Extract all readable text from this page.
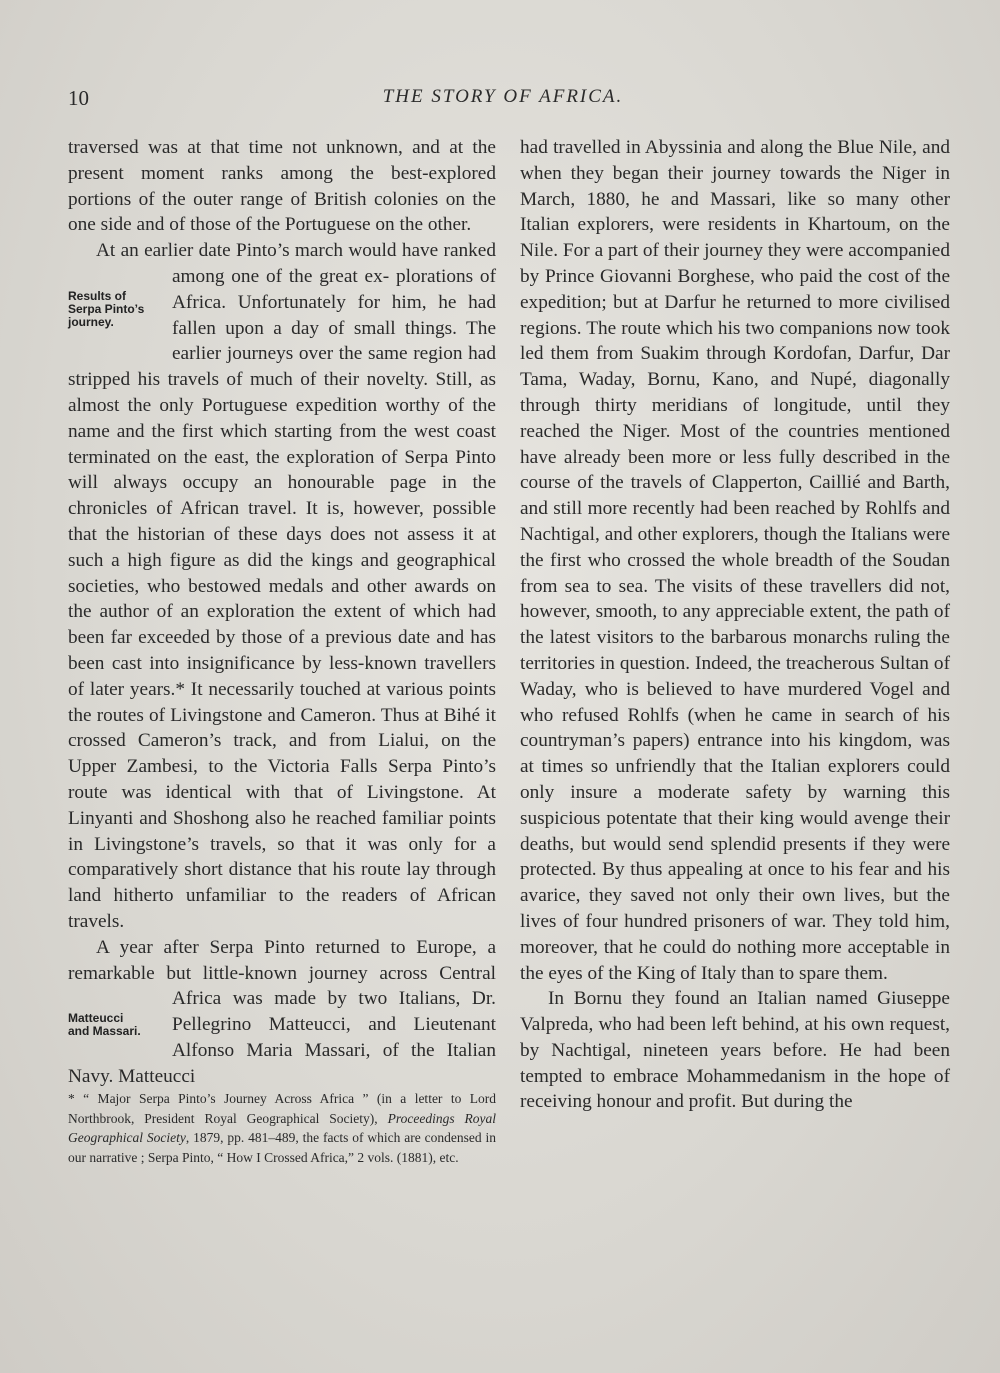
10	THE STORY OF AFRICA.

traversed was at that time not unknown, and at the present moment ranks among the best-explored portions of the outer range of British colonies on the one side and of those of the Portuguese on the other.

At an earlier date Pinto’s march would have ranked among one of the great ex-
Results of
Serpa Pinto’s
journey.
plorations of Africa. Unfortunately for him, he had fallen upon a day of small things. The earlier journeys over the same region had stripped his travels of much of their novelty. Still, as almost the only Portuguese expedition worthy of the name and the first which starting from the west coast terminated on the east, the exploration of Serpa Pinto will always occupy an honourable page in the chronicles of African travel. It is, however, possible that the historian of these days does not assess it at such a high figure as did the kings and geographical societies, who bestowed medals and other awards on the author of an exploration the extent of which had been far exceeded by those of a previous date and has been cast into insignificance by less-known travellers of later years.* It necessarily touched at various points the routes of Livingstone and Cameron. Thus at Bihé it crossed Cameron’s track, and from Lialui, on the Upper Zambesi, to the Victoria Falls Serpa Pinto’s route was identical with that of Livingstone. At Linyanti and Shoshong also he reached familiar points in Livingstone’s travels, so that it was only for a comparatively short distance that his route lay through land hitherto unfamiliar to the readers of African travels.

A year after Serpa Pinto returned to Europe, a remarkable but little-known journey across
Matteucci
and Massari.
Central Africa was made by two Italians, Dr. Pellegrino Matteucci, and Lieutenant Alfonso Maria Massari, of the Italian Navy. Matteucci

* “ Major Serpa Pinto’s Journey Across Africa ” (in a letter to Lord Northbrook, President Royal Geographical Society), Proceedings Royal Geographical Society, 1879, pp. 481–489, the facts of which are condensed in our narrative ; Serpa Pinto, “ How I Crossed Africa,” 2 vols. (1881), etc.

had travelled in Abyssinia and along the Blue Nile, and when they began their journey towards the Niger in March, 1880, he and Massari, like so many other Italian explorers, were residents in Khartoum, on the Nile. For a part of their journey they were accompanied by Prince Giovanni Borghese, who paid the cost of the expedition; but at Darfur he returned to more civilised regions. The route which his two companions now took led them from Suakim through Kordofan, Darfur, Dar Tama, Waday, Bornu, Kano, and Nupé, diagonally through thirty meridians of longitude, until they reached the Niger. Most of the countries mentioned have already been more or less fully described in the course of the travels of Clapperton, Caillié and Barth, and still more recently had been reached by Rohlfs and Nachtigal, and other explorers, though the Italians were the first who crossed the whole breadth of the Soudan from sea to sea. The visits of these travellers did not, however, smooth, to any appreciable extent, the path of the latest visitors to the barbarous monarchs ruling the territories in question. Indeed, the treacherous Sultan of Waday, who is believed to have murdered Vogel and who refused Rohlfs (when he came in search of his countryman’s papers) entrance into his kingdom, was at times so unfriendly that the Italian explorers could only insure a moderate safety by warning this suspicious potentate that their king would avenge their deaths, but would send splendid presents if they were protected. By thus appealing at once to his fear and his avarice, they saved not only their own lives, but the lives of four hundred prisoners of war. They told him, moreover, that he could do nothing more acceptable in the eyes of the King of Italy than to spare them.

In Bornu they found an Italian named Giuseppe Valpreda, who had been left behind, at his own request, by Nachtigal, nineteen years before. He had been tempted to embrace Mohammedanism in the hope of receiving honour and profit. But during the
